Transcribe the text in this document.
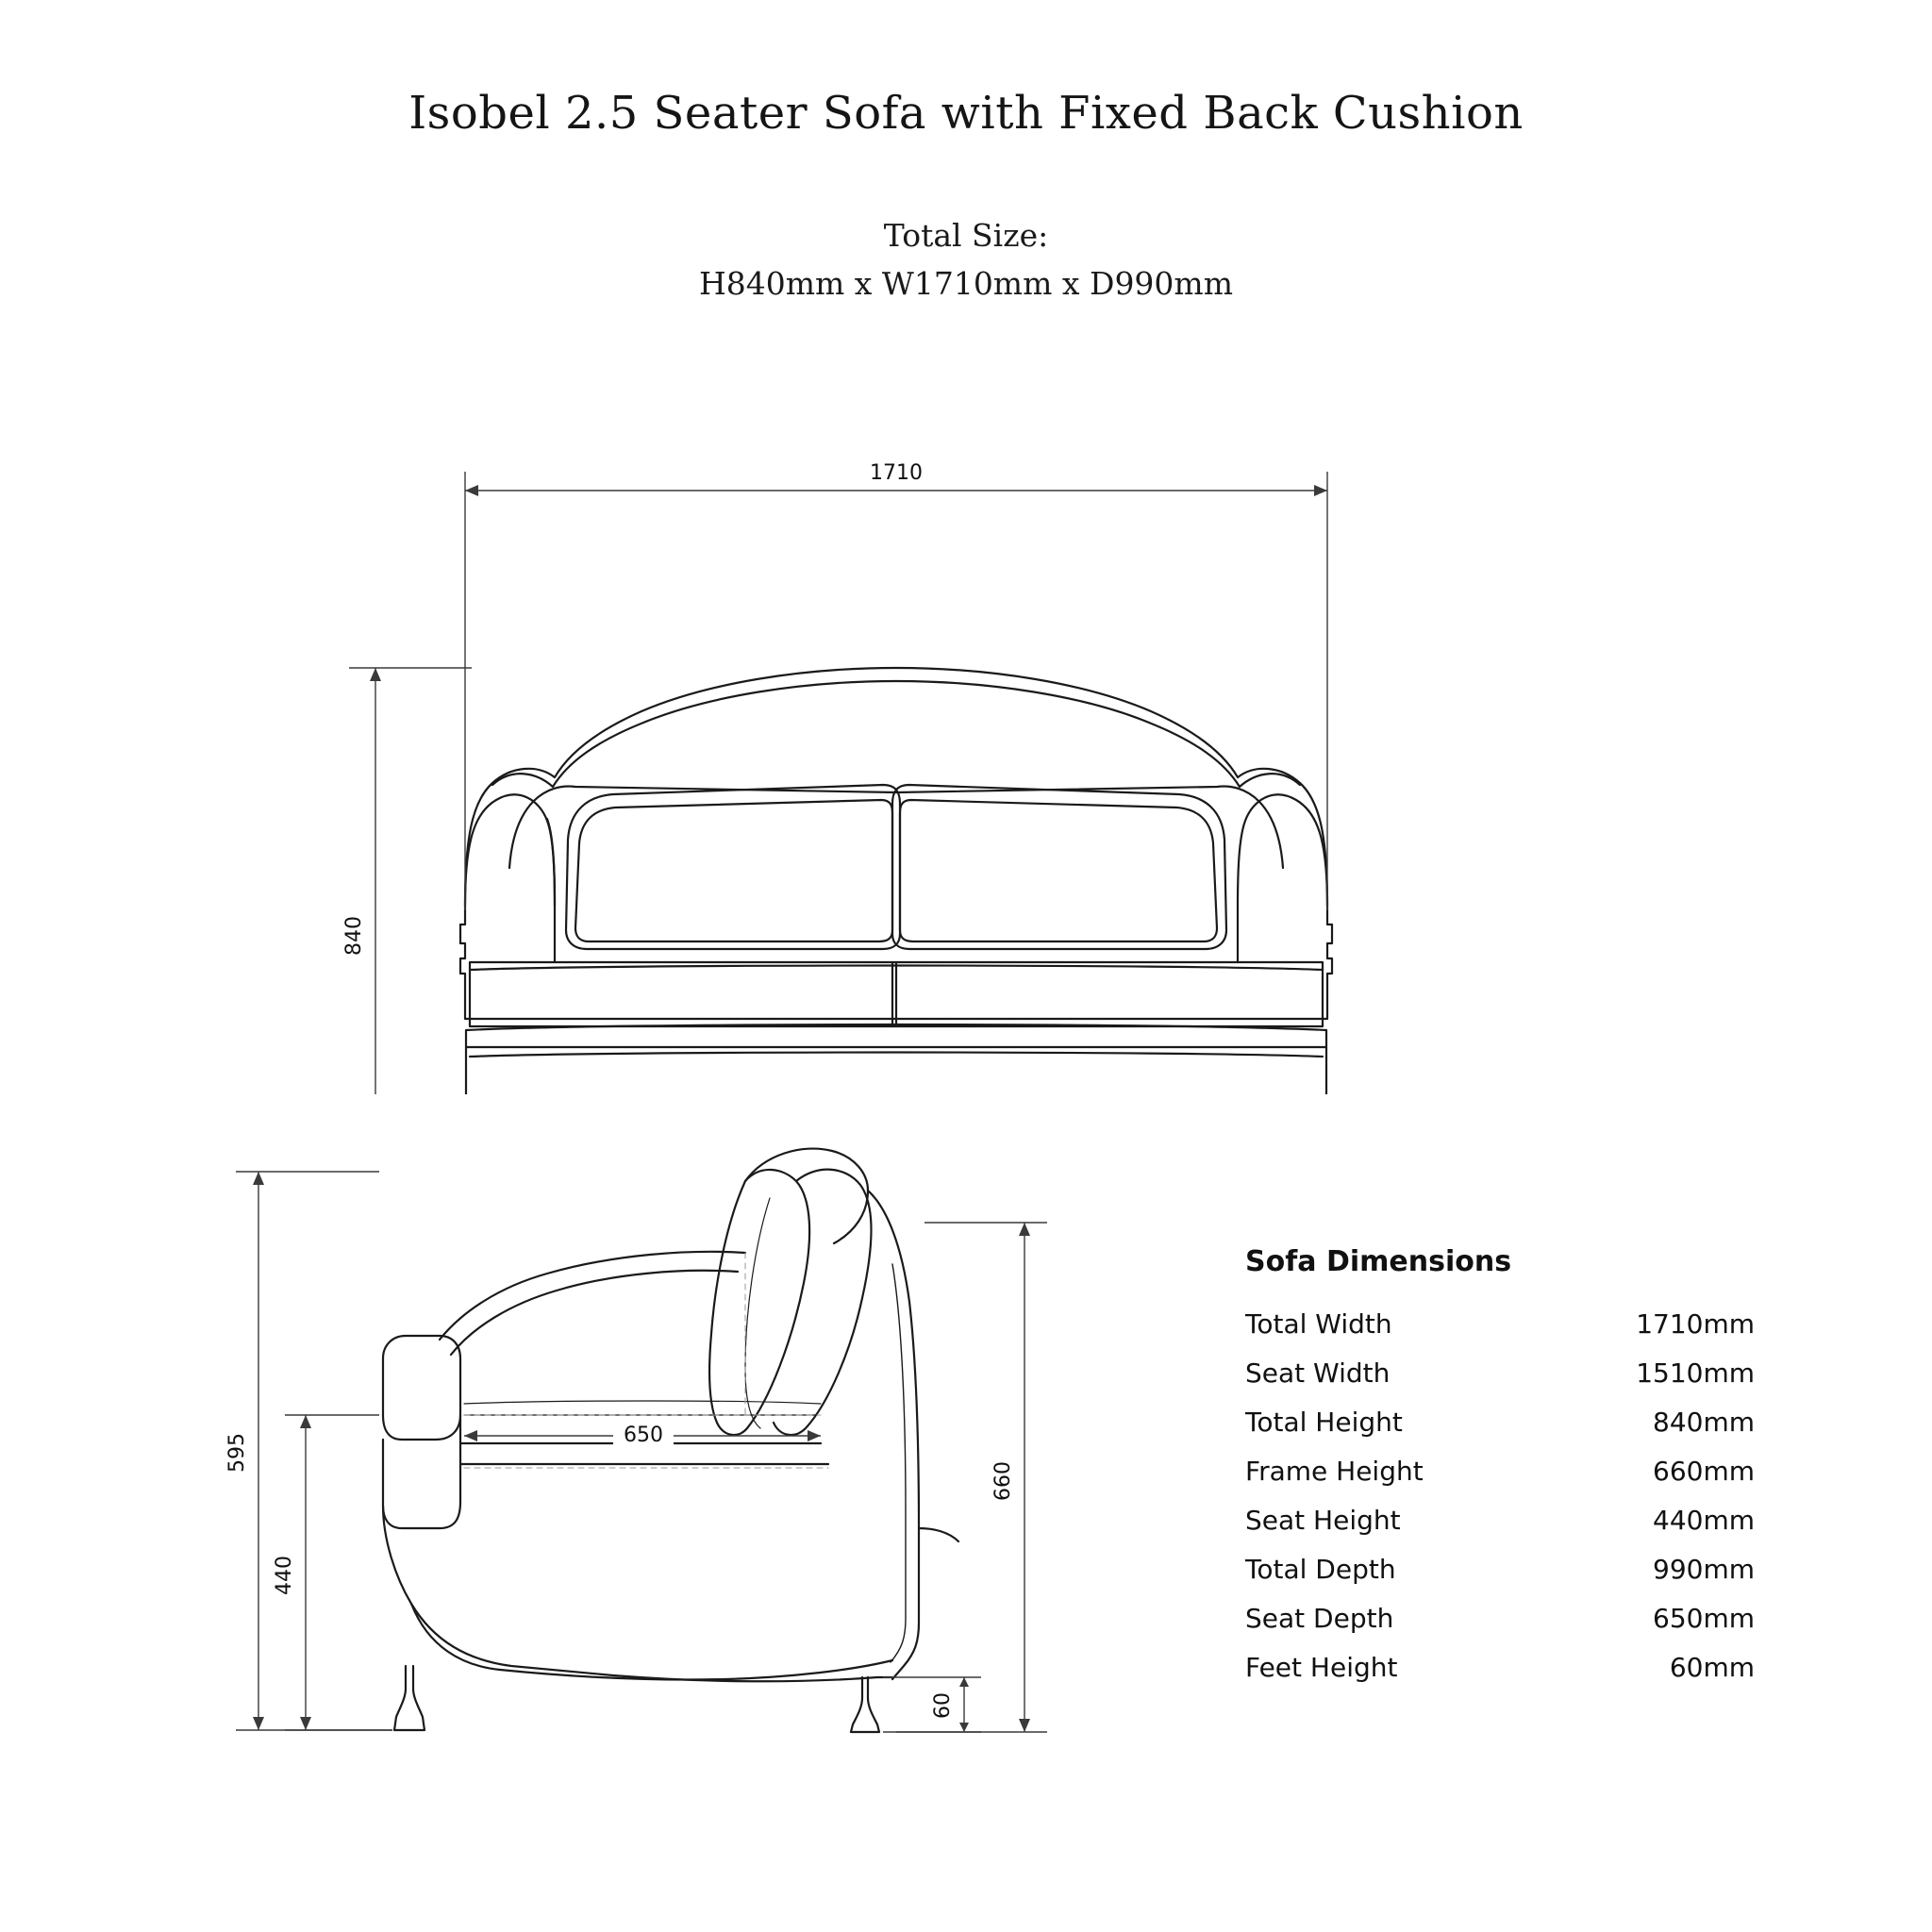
Isobel 2.5 Seater Sofa with Fixed Back Cushion
Total Size:
H840mm x W1710mm x D990mm
1710
840
650
595
440
660
60
Sofa Dimensions
Total Width	1710mm
Seat Width	1510mm
Total Height	840mm
Frame Height	660mm
Seat Height	440mm
Total Depth	990mm
Seat Depth	650mm
Feet Height	60mm
